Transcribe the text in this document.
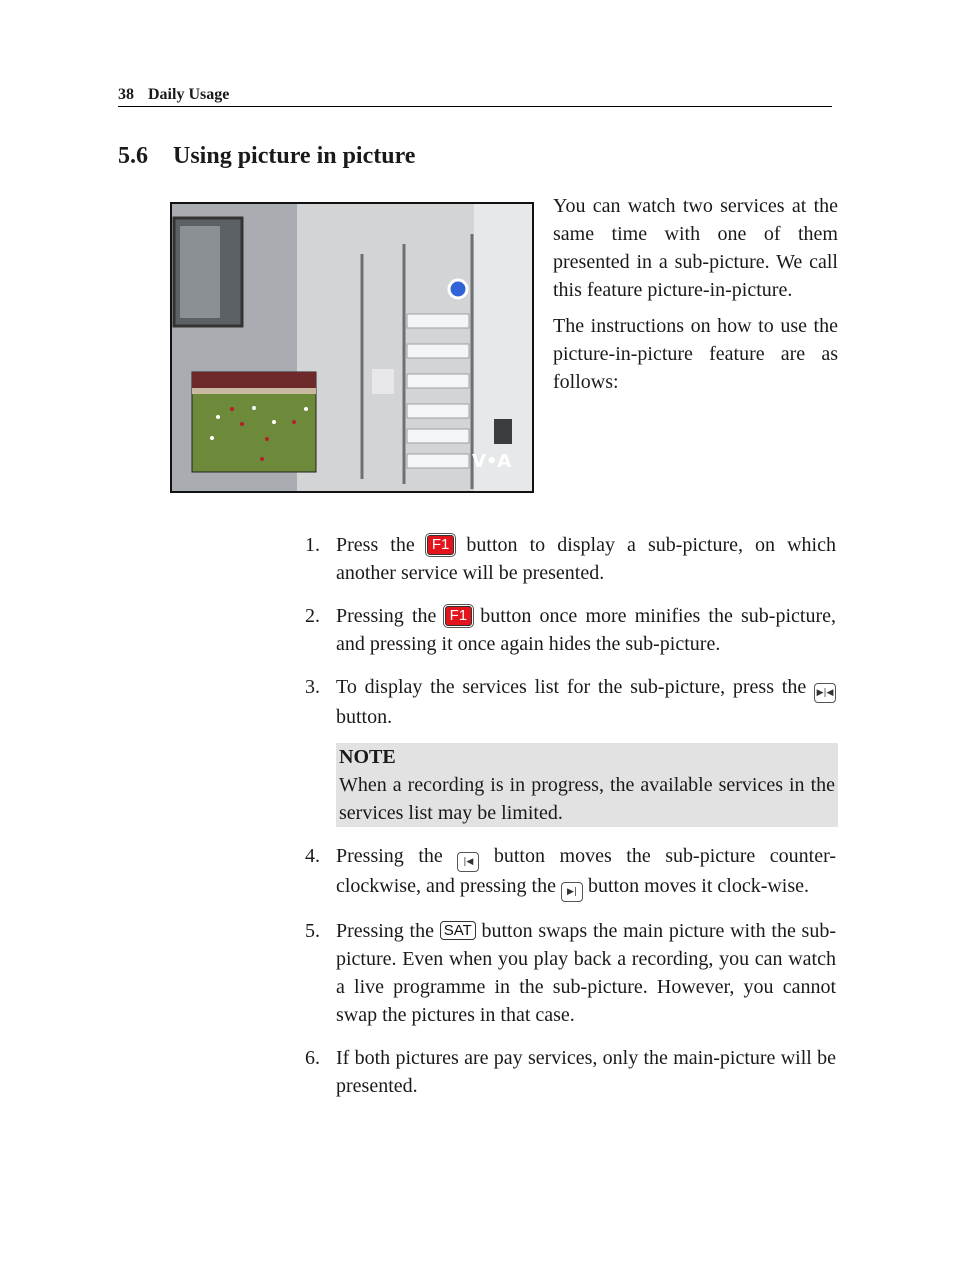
38 Daily Usage
5.6 Using picture in picture
V•A

You can watch two services at the same time with one of them presented in a sub-picture. We call this feature picture-in-picture.

The instructions on how to use the picture-in-picture feature are as follows:

1. Press the F1 button to display a sub-picture, on which another service will be presented.
2. Pressing the F1 button once more minifies the sub-picture, and pressing it once again hides the sub-picture.
3. To display the services list for the sub-picture, press the ▶|◀ button.
NOTE
When a recording is in progress, the available services in the services list may be limited.
4. Pressing the |◀ button moves the sub-picture counter-clockwise, and pressing the ▶| button moves it clock-wise.
5. Pressing the SAT button swaps the main picture with the sub-picture. Even when you play back a recording, you can watch a live programme in the sub-picture. However, you cannot swap the pictures in that case.
6. If both pictures are pay services, only the main-picture will be presented.
